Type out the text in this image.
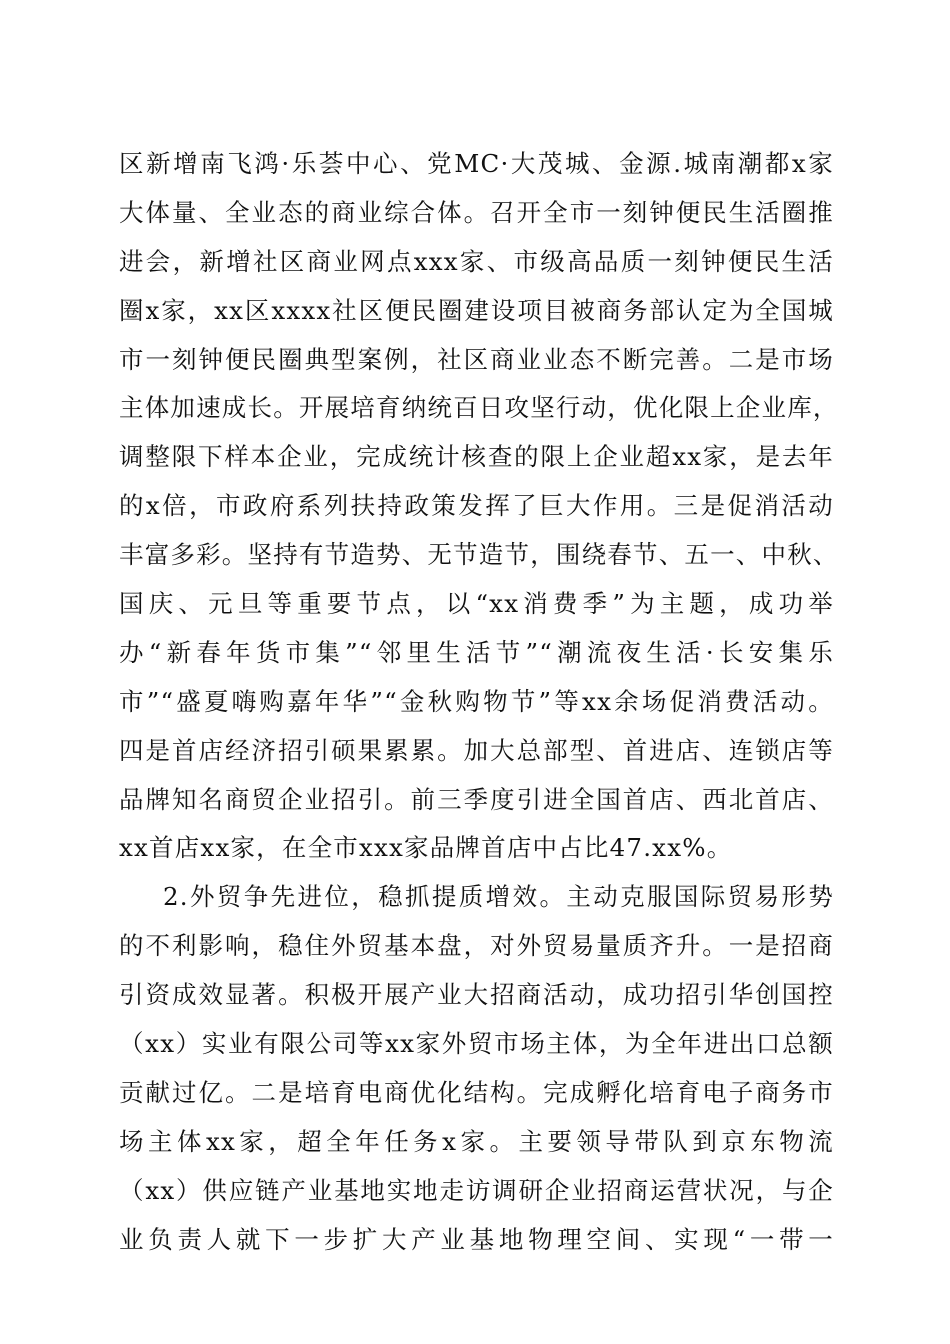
区新增南飞鸿·乐荟中心、党MC·大茂城、金源.城南潮都x家
大体量、全业态的商业综合体。召开全市一刻钟便民生活圈推
进会，新增社区商业网点xxx家、市级高品质一刻钟便民生活
圈x家，xx区xxxx社区便民圈建设项目被商务部认定为全国城
市一刻钟便民圈典型案例，社区商业业态不断完善。二是市场
主体加速成长。开展培育纳统百日攻坚行动，优化限上企业库，
调整限下样本企业，完成统计核查的限上企业超xx家，是去年
的x倍，市政府系列扶持政策发挥了巨大作用。三是促消活动
丰富多彩。坚持有节造势、无节造节，围绕春节、五一、中秋、
国庆、元旦等重要节点，以“xx消费季”为主题，成功举
办“新春年货市集”“邻里生活节”“潮流夜生活·长安集乐
市”“盛夏嗨购嘉年华”“金秋购物节”等xx余场促消费活动。
四是首店经济招引硕果累累。加大总部型、首进店、连锁店等
品牌知名商贸企业招引。前三季度引进全国首店、西北首店、
xx首店xx家，在全市xxx家品牌首店中占比47.xx%。
2.外贸争先进位，稳抓提质增效。主动克服国际贸易形势
的不利影响，稳住外贸基本盘，对外贸易量质齐升。一是招商
引资成效显著。积极开展产业大招商活动，成功招引华创国控
（xx）实业有限公司等xx家外贸市场主体，为全年进出口总额
贡献过亿。二是培育电商优化结构。完成孵化培育电子商务市
场主体xx家，超全年任务x家。主要领导带队到京东物流
（xx）供应链产业基地实地走访调研企业招商运营状况，与企
业负责人就下一步扩大产业基地物理空间、实现“一带一
